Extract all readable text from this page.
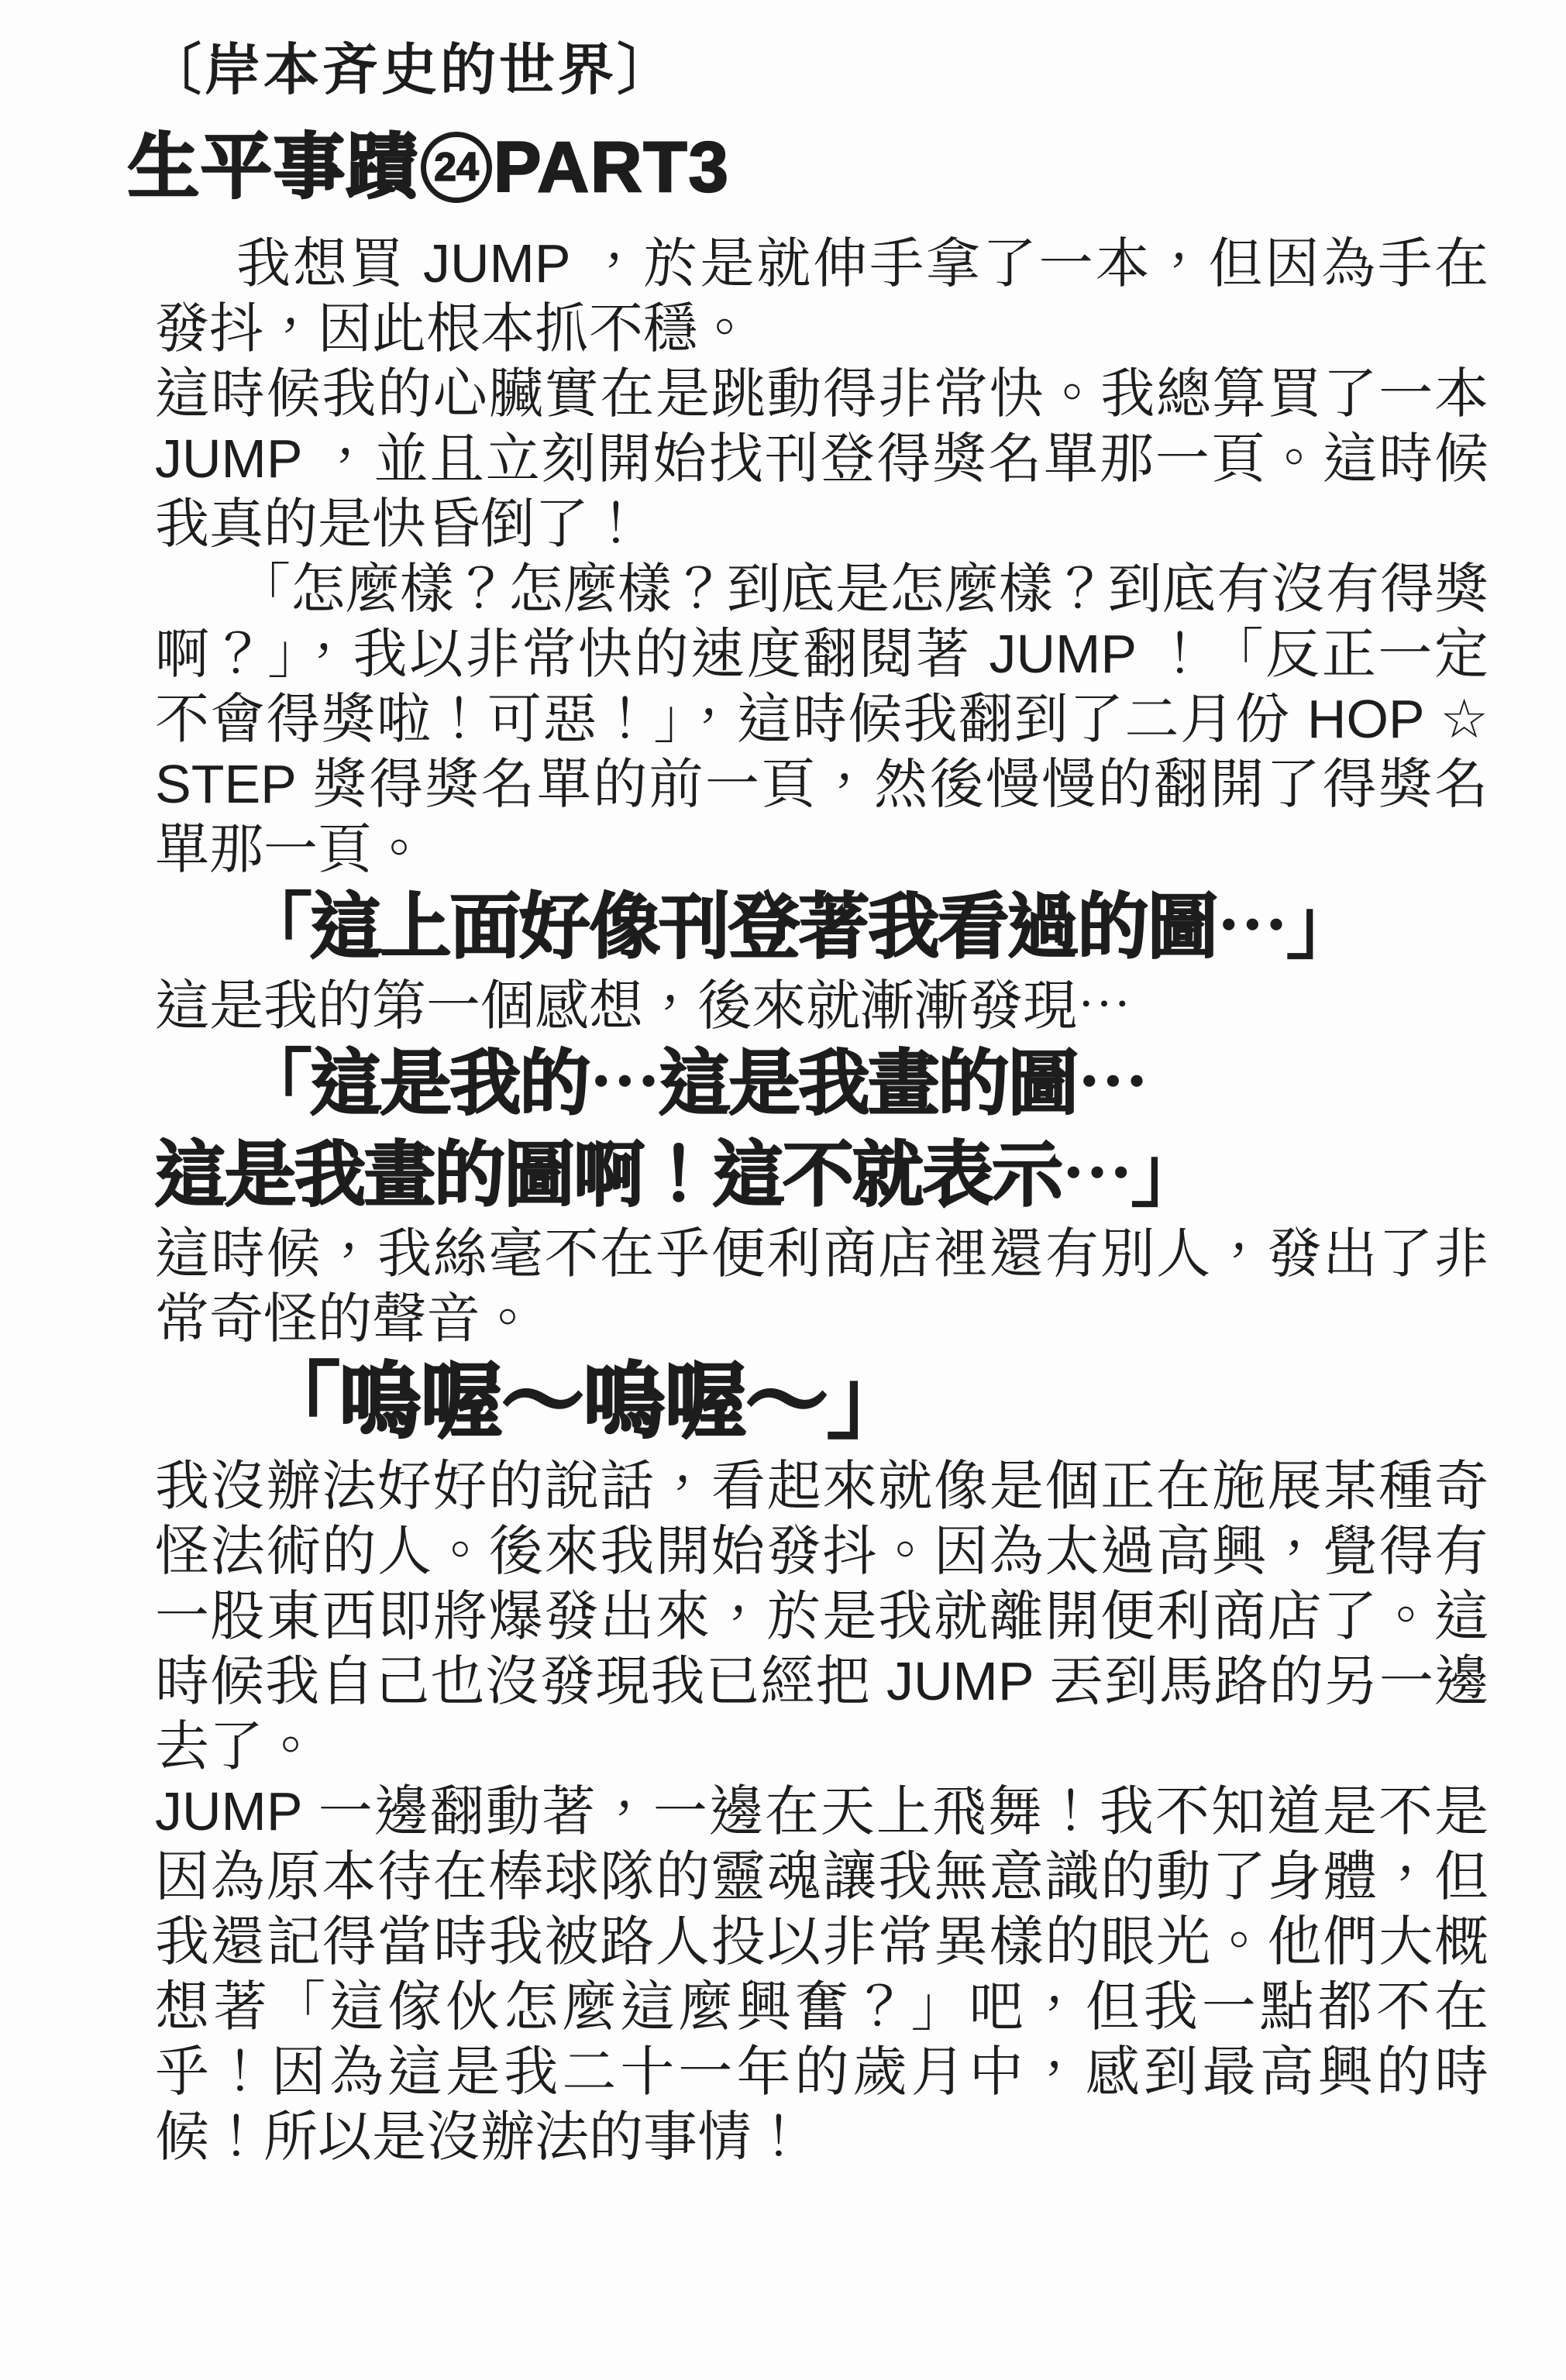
〔岸本斉史的世界〕
生平事蹟 24 PART3

我想買 JUMP ，於是就伸手拿了一本，但因為手在發抖，因此根本抓不穩。

這時候我的心臟實在是跳動得非常快。我總算買了一本 JUMP ，並且立刻開始找刊登得獎名單那一頁。這時候我真的是快昏倒了！

「怎麼樣？怎麼樣？到底是怎麼樣？到底有沒有得獎啊？」，我以非常快的速度翻閱著 JUMP ！「反正一定不會得獎啦！可惡！」，這時候我翻到了二月份 HOP ☆ STEP 獎得獎名單的前一頁，然後慢慢的翻開了得獎名單那一頁。

「這上面好像刊登著我看過的圖⋯」

這是我的第一個感想，後來就漸漸發現⋯

「這是我的⋯這是我畫的圖⋯

這是我畫的圖啊！這不就表示⋯」

這時候，我絲毫不在乎便利商店裡還有別人，發出了非常奇怪的聲音。

「嗚喔～嗚喔～」

我沒辦法好好的說話，看起來就像是個正在施展某種奇怪法術的人。後來我開始發抖。因為太過高興，覺得有一股東西即將爆發出來，於是我就離開便利商店了。這時候我自己也沒發現我已經把 JUMP 丟到馬路的另一邊去了。

JUMP 一邊翻動著，一邊在天上飛舞！我不知道是不是因為原本待在棒球隊的靈魂讓我無意識的動了身體，但我還記得當時我被路人投以非常異樣的眼光。他們大概想著「這傢伙怎麼這麼興奮？」吧，但我一點都不在乎！因為這是我二十一年的歲月中，感到最高興的時候！所以是沒辦法的事情！
